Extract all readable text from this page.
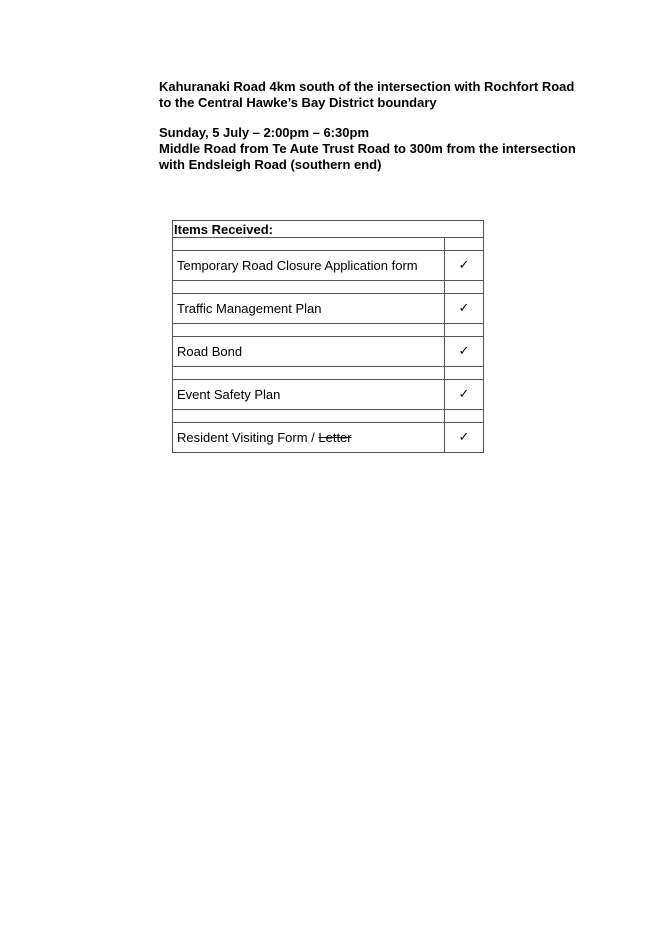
Kahuranaki Road 4km south of the intersection with Rochfort Road
to the Central Hawke’s Bay District boundary
Sunday, 5 July – 2:00pm – 6:30pm
Middle Road from Te Aute Trust Road to 300m from the intersection
with Endsleigh Road (southern end)
Items Received:	

Temporary Road Closure Application form	✓

Traffic Management Plan	✓

Road Bond	✓

Event Safety Plan	✓

Resident Visiting Form / Letter	✓
